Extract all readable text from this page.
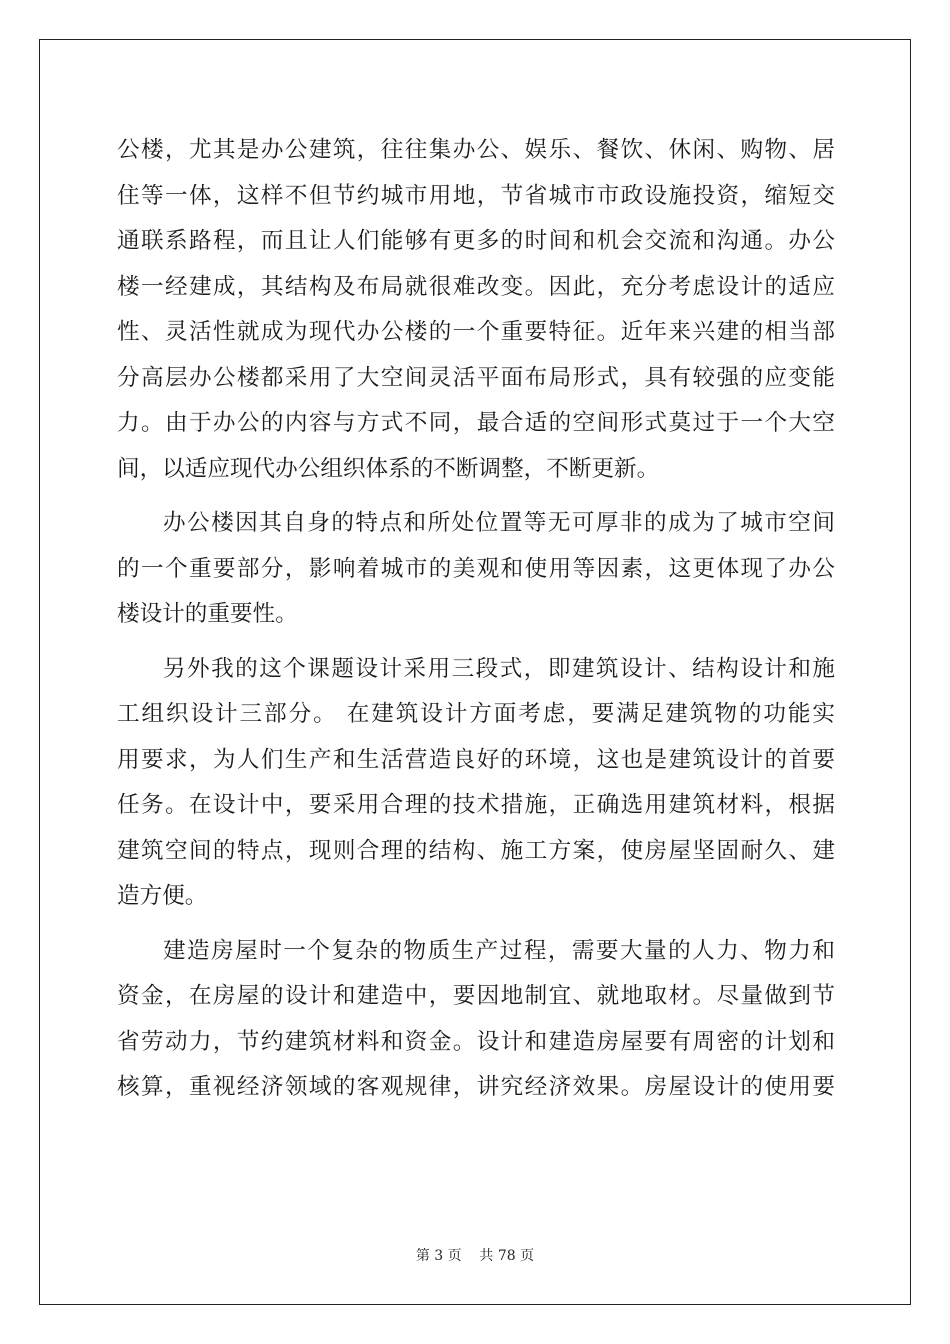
公楼，尤其是办公建筑，往往集办公、娱乐、餐饮、休闲、购物、居
住等一体，这样不但节约城市用地，节省城市市政设施投资，缩短交
通联系路程，而且让人们能够有更多的时间和机会交流和沟通。办公
楼一经建成，其结构及布局就很难改变。因此，充分考虑设计的适应
性、灵活性就成为现代办公楼的一个重要特征。近年来兴建的相当部
分高层办公楼都采用了大空间灵活平面布局形式，具有较强的应变能
力。由于办公的内容与方式不同，最合适的空间形式莫过于一个大空
间，以适应现代办公组织体系的不断调整，不断更新。
办公楼因其自身的特点和所处位置等无可厚非的成为了城市空间
的一个重要部分，影响着城市的美观和使用等因素，这更体现了办公
楼设计的重要性。
另外我的这个课题设计采用三段式，即建筑设计、结构设计和施
工组织设计三部分。 在建筑设计方面考虑，要满足建筑物的功能实
用要求，为人们生产和生活营造良好的环境，这也是建筑设计的首要
任务。在设计中，要采用合理的技术措施，正确选用建筑材料，根据
建筑空间的特点，现则合理的结构、施工方案，使房屋坚固耐久、建
造方便。
建造房屋时一个复杂的物质生产过程，需要大量的人力、物力和
资金，在房屋的设计和建造中，要因地制宜、就地取材。尽量做到节
省劳动力，节约建筑材料和资金。设计和建造房屋要有周密的计划和
核算，重视经济领域的客观规律，讲究经济效果。房屋设计的使用要
第 3 页    共 78 页
